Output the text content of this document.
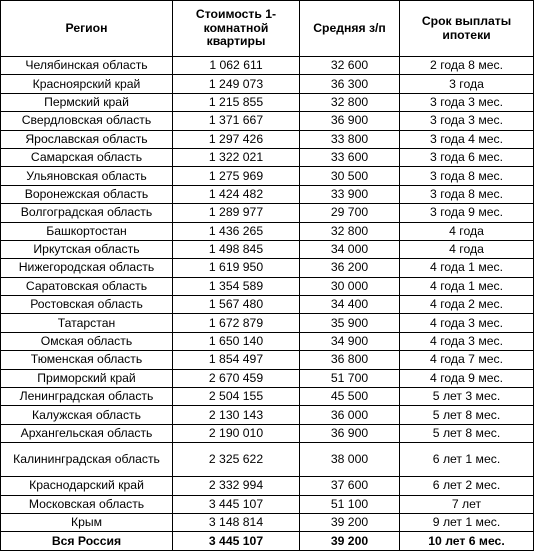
Регион	Стоимость 1-комнатной квартиры	Средняя з/п	Срок выплаты ипотеки
Челябинская область	1 062 611	32 600	2 года 8 мес.
Красноярский край	1 249 073	36 300	3 года
Пермский край	1 215 855	32 800	3 года 3 мес.
Свердловская область	1 371 667	36 900	3 года 3 мес.
Ярославская область	1 297 426	33 800	3 года 4 мес.
Самарская область	1 322 021	33 600	3 года 6 мес.
Ульяновская область	1 275 969	30 500	3 года 8 мес.
Воронежская область	1 424 482	33 900	3 года 8 мес.
Волгоградская область	1 289 977	29 700	3 года 9 мес.
Башкортостан	1 436 265	32 800	4 года
Иркутская область	1 498 845	34 000	4 года
Нижегородская область	1 619 950	36 200	4 года 1 мес.
Саратовская область	1 354 589	30 000	4 года 1 мес.
Ростовская область	1 567 480	34 400	4 года 2 мес.
Татарстан	1 672 879	35 900	4 года 3 мес.
Омская область	1 650 140	34 900	4 года 3 мес.
Тюменская область	1 854 497	36 800	4 года 7 мес.
Приморский край	2 670 459	51 700	4 года 9 мес.
Ленинградская область	2 504 155	45 500	5 лет 3 мес.
Калужская область	2 130 143	36 000	5 лет 8 мес.
Архангельская область	2 190 010	36 900	5 лет 8 мес.
Калининградская область	2 325 622	38 000	6 лет 1 мес.
Краснодарский край	2 332 994	37 600	6 лет 2 мес.
Московская область	3 445 107	51 100	7 лет
Крым	3 148 814	39 200	9 лет 1 мес.
Вся Россия	3 445 107	39 200	10 лет 6 мес.
